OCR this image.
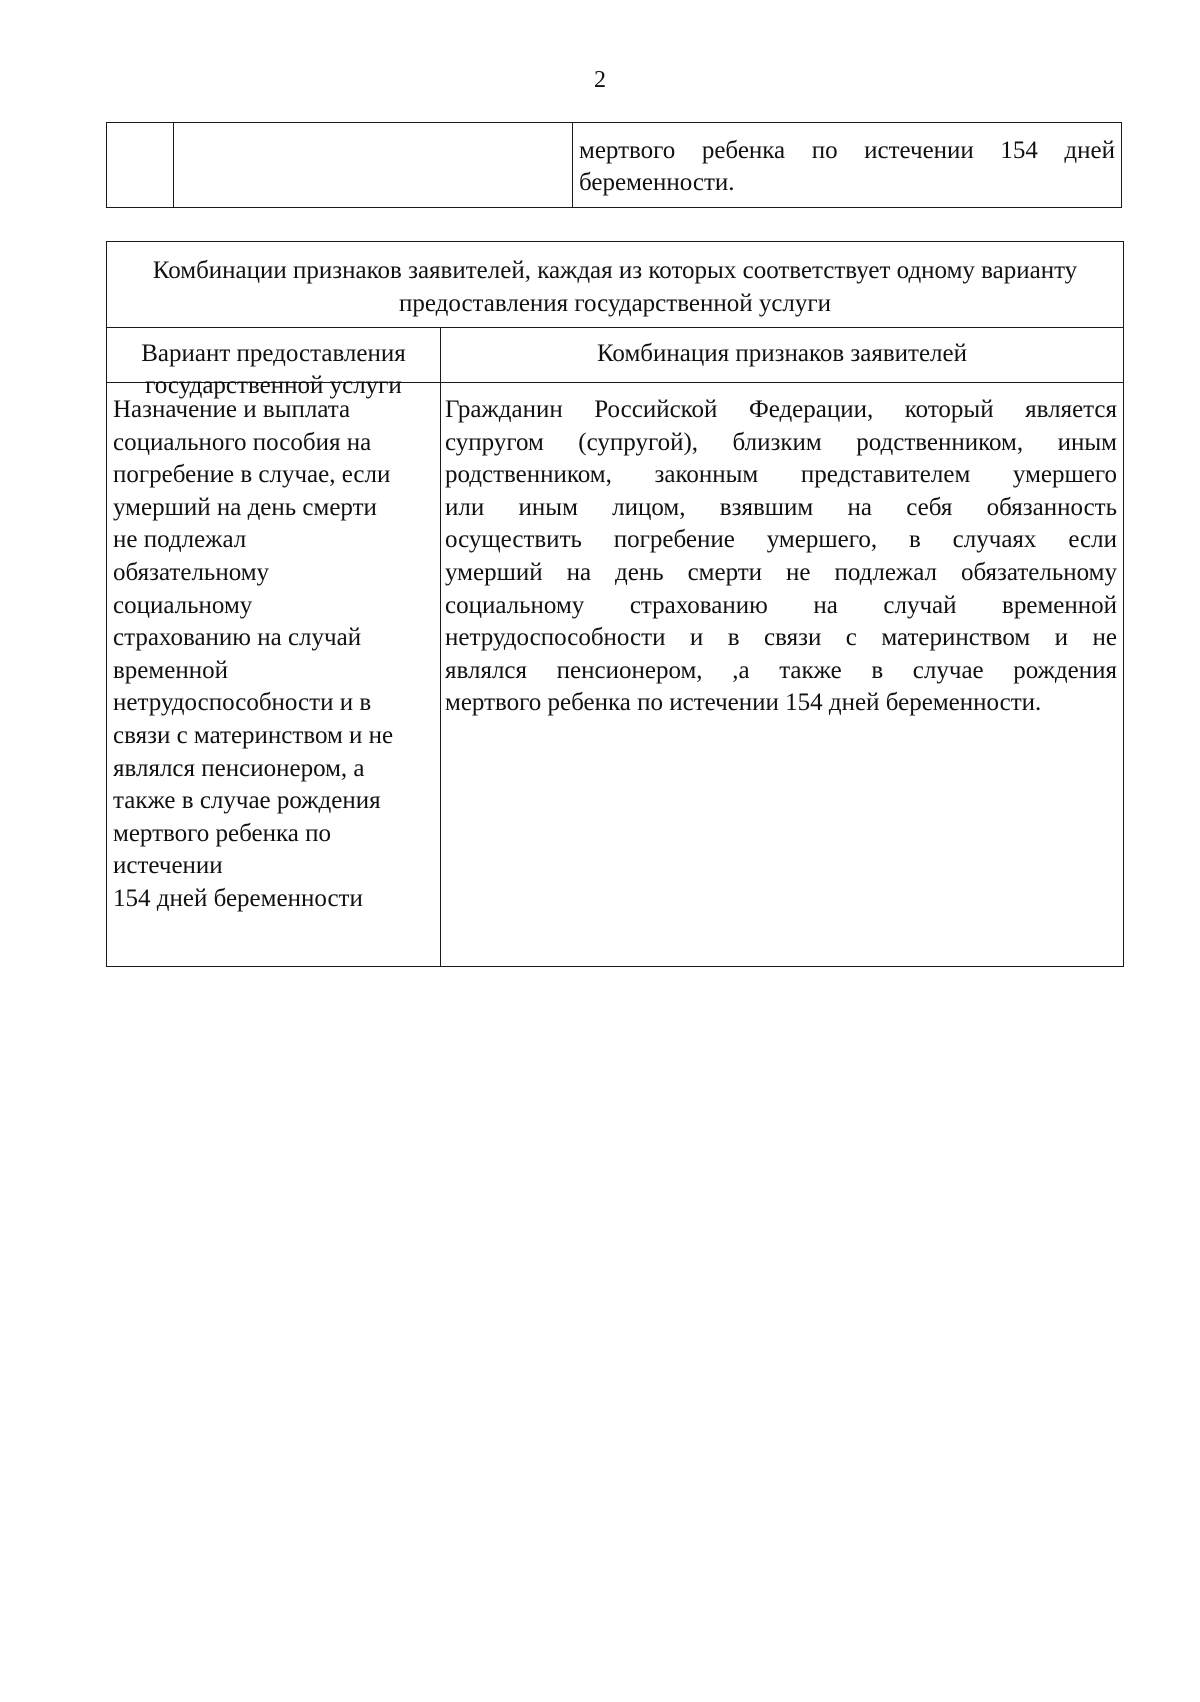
2
мертвого ребенка по истечении 154 дней
беременности.
Комбинации признаков заявителей, каждая из которых соответствует одному варианту предоставления государственной услуги
Вариант предоставления государственной услуги
Комбинация признаков заявителей
Назначение и выплата
социального пособия на
погребение в случае, если
умерший на день смерти
не подлежал
обязательному
социальному
страхованию на случай
временной
нетрудоспособности и в
связи с материнством и не
являлся пенсионером, а
также в случае рождения
мертвого ребенка по
истечении
154 дней беременности
Гражданин Российской Федерации, который является
супругом (супругой), близким родственником, иным
родственником, законным представителем умершего
или иным лицом, взявшим на себя обязанность
осуществить погребение умершего, в случаях если
умерший на день смерти не подлежал обязательному
социальному страхованию на случай временной
нетрудоспособности и в связи с материнством и не
являлся пенсионером, ,а также в случае рождения
мертвого ребенка по истечении 154 дней беременности.
